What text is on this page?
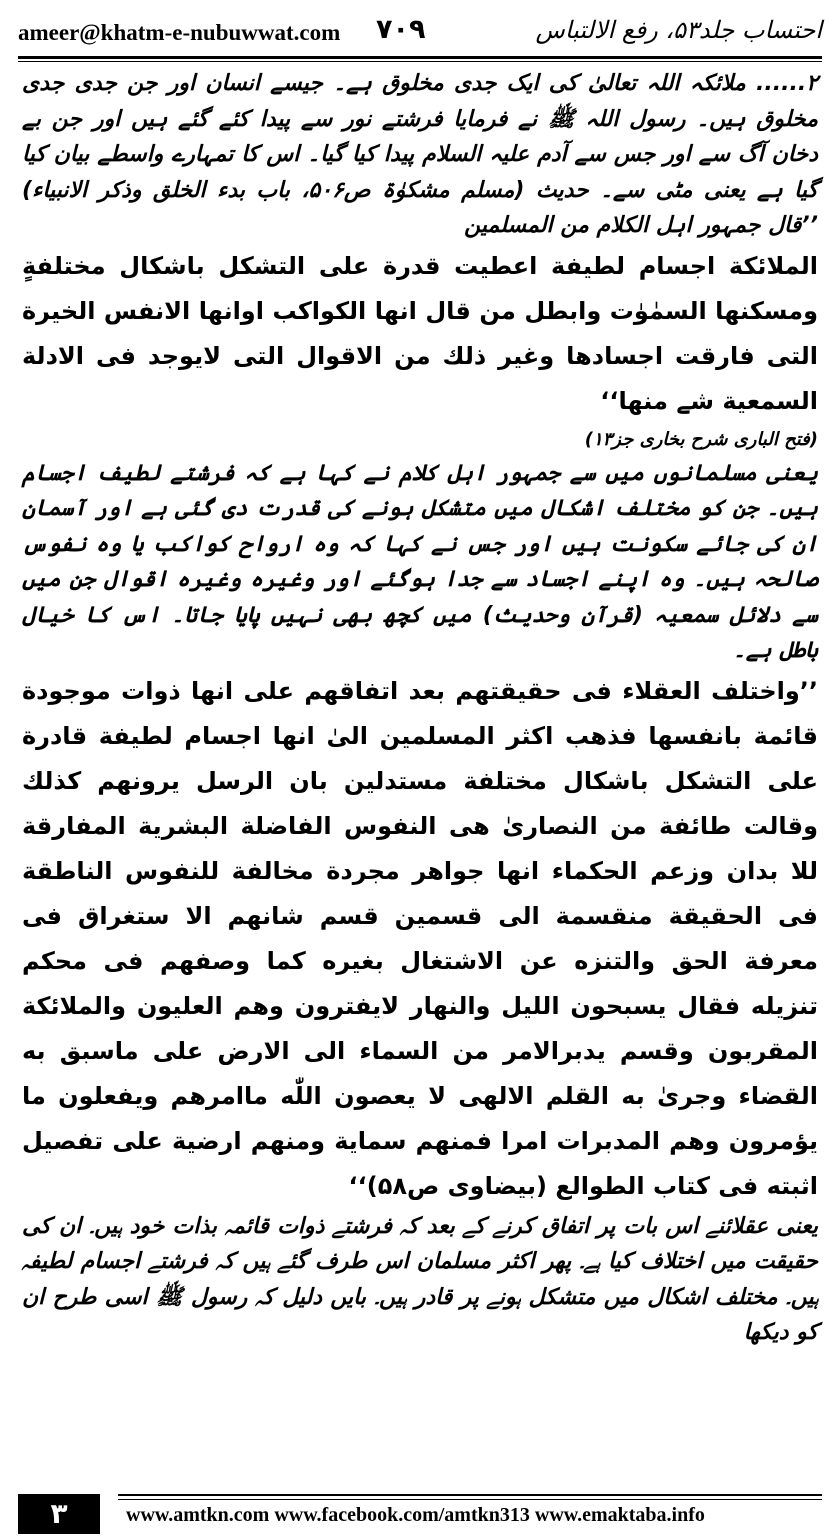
احتساب جلد۵۳، رفع الالتباس
۷۰۹
ameer@khatm-e-nubuwwat.com

۲...... ملائکہ اللہ تعالیٰ کی ایک جدی مخلوق ہے۔ جیسے انسان اور جن جدی جدی مخلوق ہیں۔ رسول اللہ ﷺ نے فرمایا فرشتے نور سے پیدا کئے گئے ہیں اور جن بے دخان آگ سے اور جس سے آدم علیہ السلام پیدا کیا گیا۔ اس کا تمہارے واسطے بیان کیا گیا ہے یعنی مٹی سے۔ حدیث (مسلم مشکوٰۃ ص۵۰۶، باب بدء الخلق وذکر الانبیاء) ’’قال جمہور اہل الکلام من المسلمین

الملائكة اجسام لطيفة اعطيت قدرة على التشكل باشكال مختلفةٍ ومسكنها السمٰوٰت وابطل من قال انها الكواكب اوانها الانفس الخيرة التى فارقت اجسادها وغير ذلك من الاقوال التى لايوجد فى الادلة السمعية شے منها‘‘

(فتح الباری شرح بخاری جز۱۳)

یعنی مسلمانوں میں سے جمہور اہل کلام نے کہا ہے کہ فرشتے لطیف اجسام ہیں۔ جن کو مختلف اشکال میں متشکل ہونے کی قدرت دی گئی ہے اور آسمان ان کی جائے سکونت ہیں اور جس نے کہا کہ وہ ارواح کواکب یا وہ نفوس صالحہ ہیں۔ وہ اپنے اجساد سے جدا ہوگئے اور وغیرہ وغیرہ اقوال جن میں سے دلائل سمعیہ (قرآن وحدیث) میں کچھ بھی نہیں پایا جاتا۔ اس کا خیال باطل ہے۔

’’واختلف العقلاء فى حقيقتهم بعد اتفاقهم على انها ذوات موجودة قائمة بانفسها فذهب اكثر المسلمين الىٰ انها اجسام لطيفة قادرة على التشكل باشكال مختلفة مستدلين بان الرسل يرونهم كذلك وقالت طائفة من النصارىٰ هى النفوس الفاضلة البشرية المفارقة للا بدان وزعم الحكماء انها جواهر مجردة مخالفة للنفوس الناطقة فى الحقيقة منقسمة الى قسمين قسم شانهم الا ستغراق فى معرفة الحق والتنزه عن الاشتغال بغيره كما وصفهم فى محكم تنزيله فقال يسبحون الليل والنهار لايفترون وهم العليون والملائكة المقربون وقسم يدبرالامر من السماء الى الارض على ماسبق به القضاء وجرىٰ به القلم الالهى لا يعصون اللّٰه ماامرهم ويفعلون ما يؤمرون وهم المدبرات امرا فمنهم سماية ومنهم ارضية على تفصيل اثبته فى كتاب الطوالع (بیضاوی ص۵۸)‘‘

یعنی عقلائنے اس بات پر اتفاق کرنے کے بعد کہ فرشتے ذوات قائمہ بذات خود ہیں۔ ان کی حقیقت میں اختلاف کیا ہے۔ پھر اکثر مسلمان اس طرف گئے ہیں کہ فرشتے اجسام لطیفہ ہیں۔ مختلف اشکال میں متشکل ہونے پر قادر ہیں۔ بایں دلیل کہ رسول ﷺ اسی طرح ان کو دیکھا

۳	www.amtkn.com www.facebook.com/amtkn313 www.emaktaba.info
